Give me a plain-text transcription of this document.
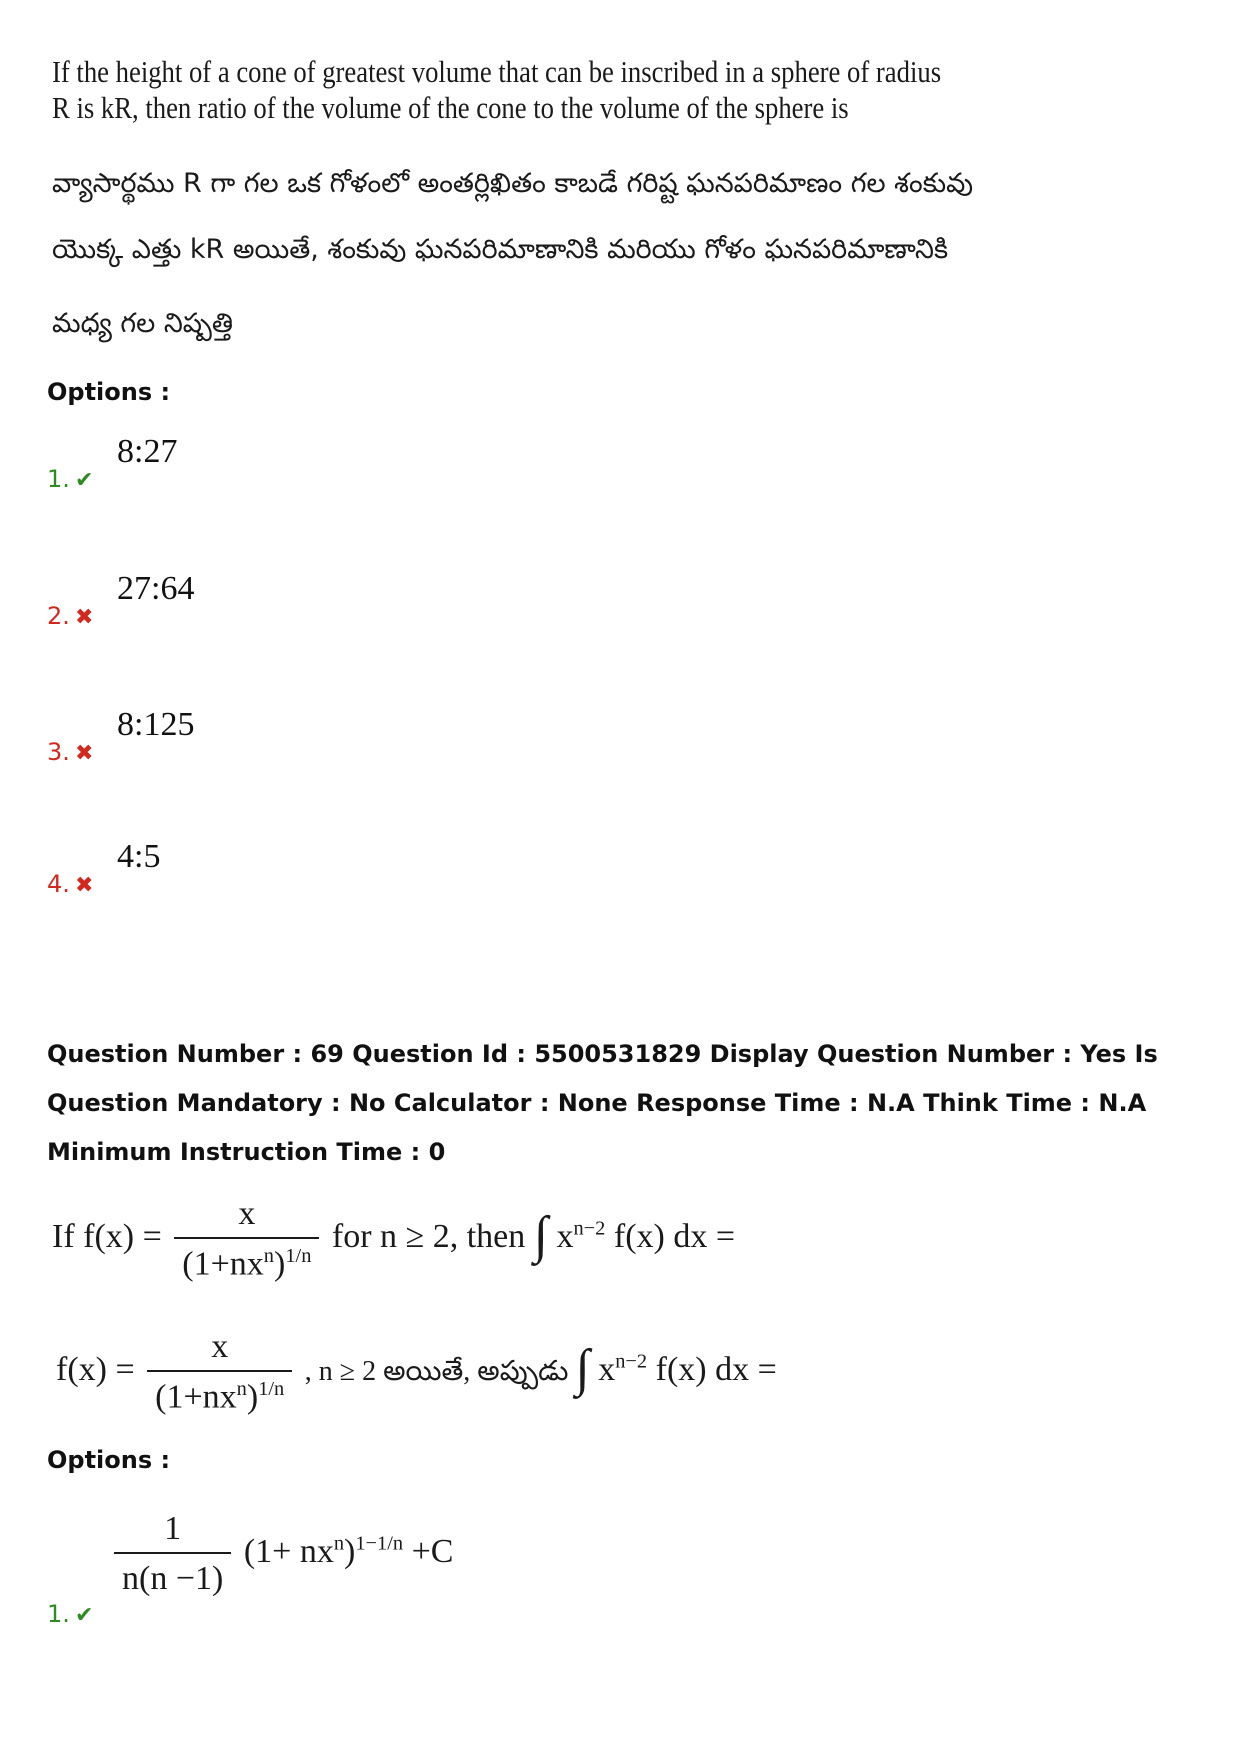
If the height of a cone of greatest volume that can be inscribed in a sphere of radius
R is kR, then ratio of the volume of the cone to the volume of the sphere is
వ్యాసార్థము R గా గల ఒక గోళంలో అంతర్లిఖితం కాబడే గరిష్ట ఘనపరిమాణం గల శంకువు
యొక్క ఎత్తు kR అయితే, శంకువు ఘనపరిమాణానికి మరియు గోళం ఘనపరిమాణానికి
మధ్య గల నిష్పత్తి
Options :
1. ✔
8:27
2. ✖
27:64
3. ✖
8:125
4. ✖
4:5
Question Number : 69 Question Id : 5500531829 Display Question Number : Yes Is Question Mandatory : No Calculator : None Response Time : N.A Think Time : N.A Minimum Instruction Time : 0
If $f(x) = \frac{x}{(1+nx^n)^{1/n}}$ for n ≥ 2, then ∫ $x^{n-2}$ f(x) dx =
$f(x) = \frac{x}{(1+nx^n)^{1/n}}$ , n ≥ 2 అయితే, అప్పుడు ∫ $x^{n-2}$ f(x) dx =
Options :
1. ✔
$\frac{1}{n(n -1)} (1+ nx^n)^{1-1/n} +C$
